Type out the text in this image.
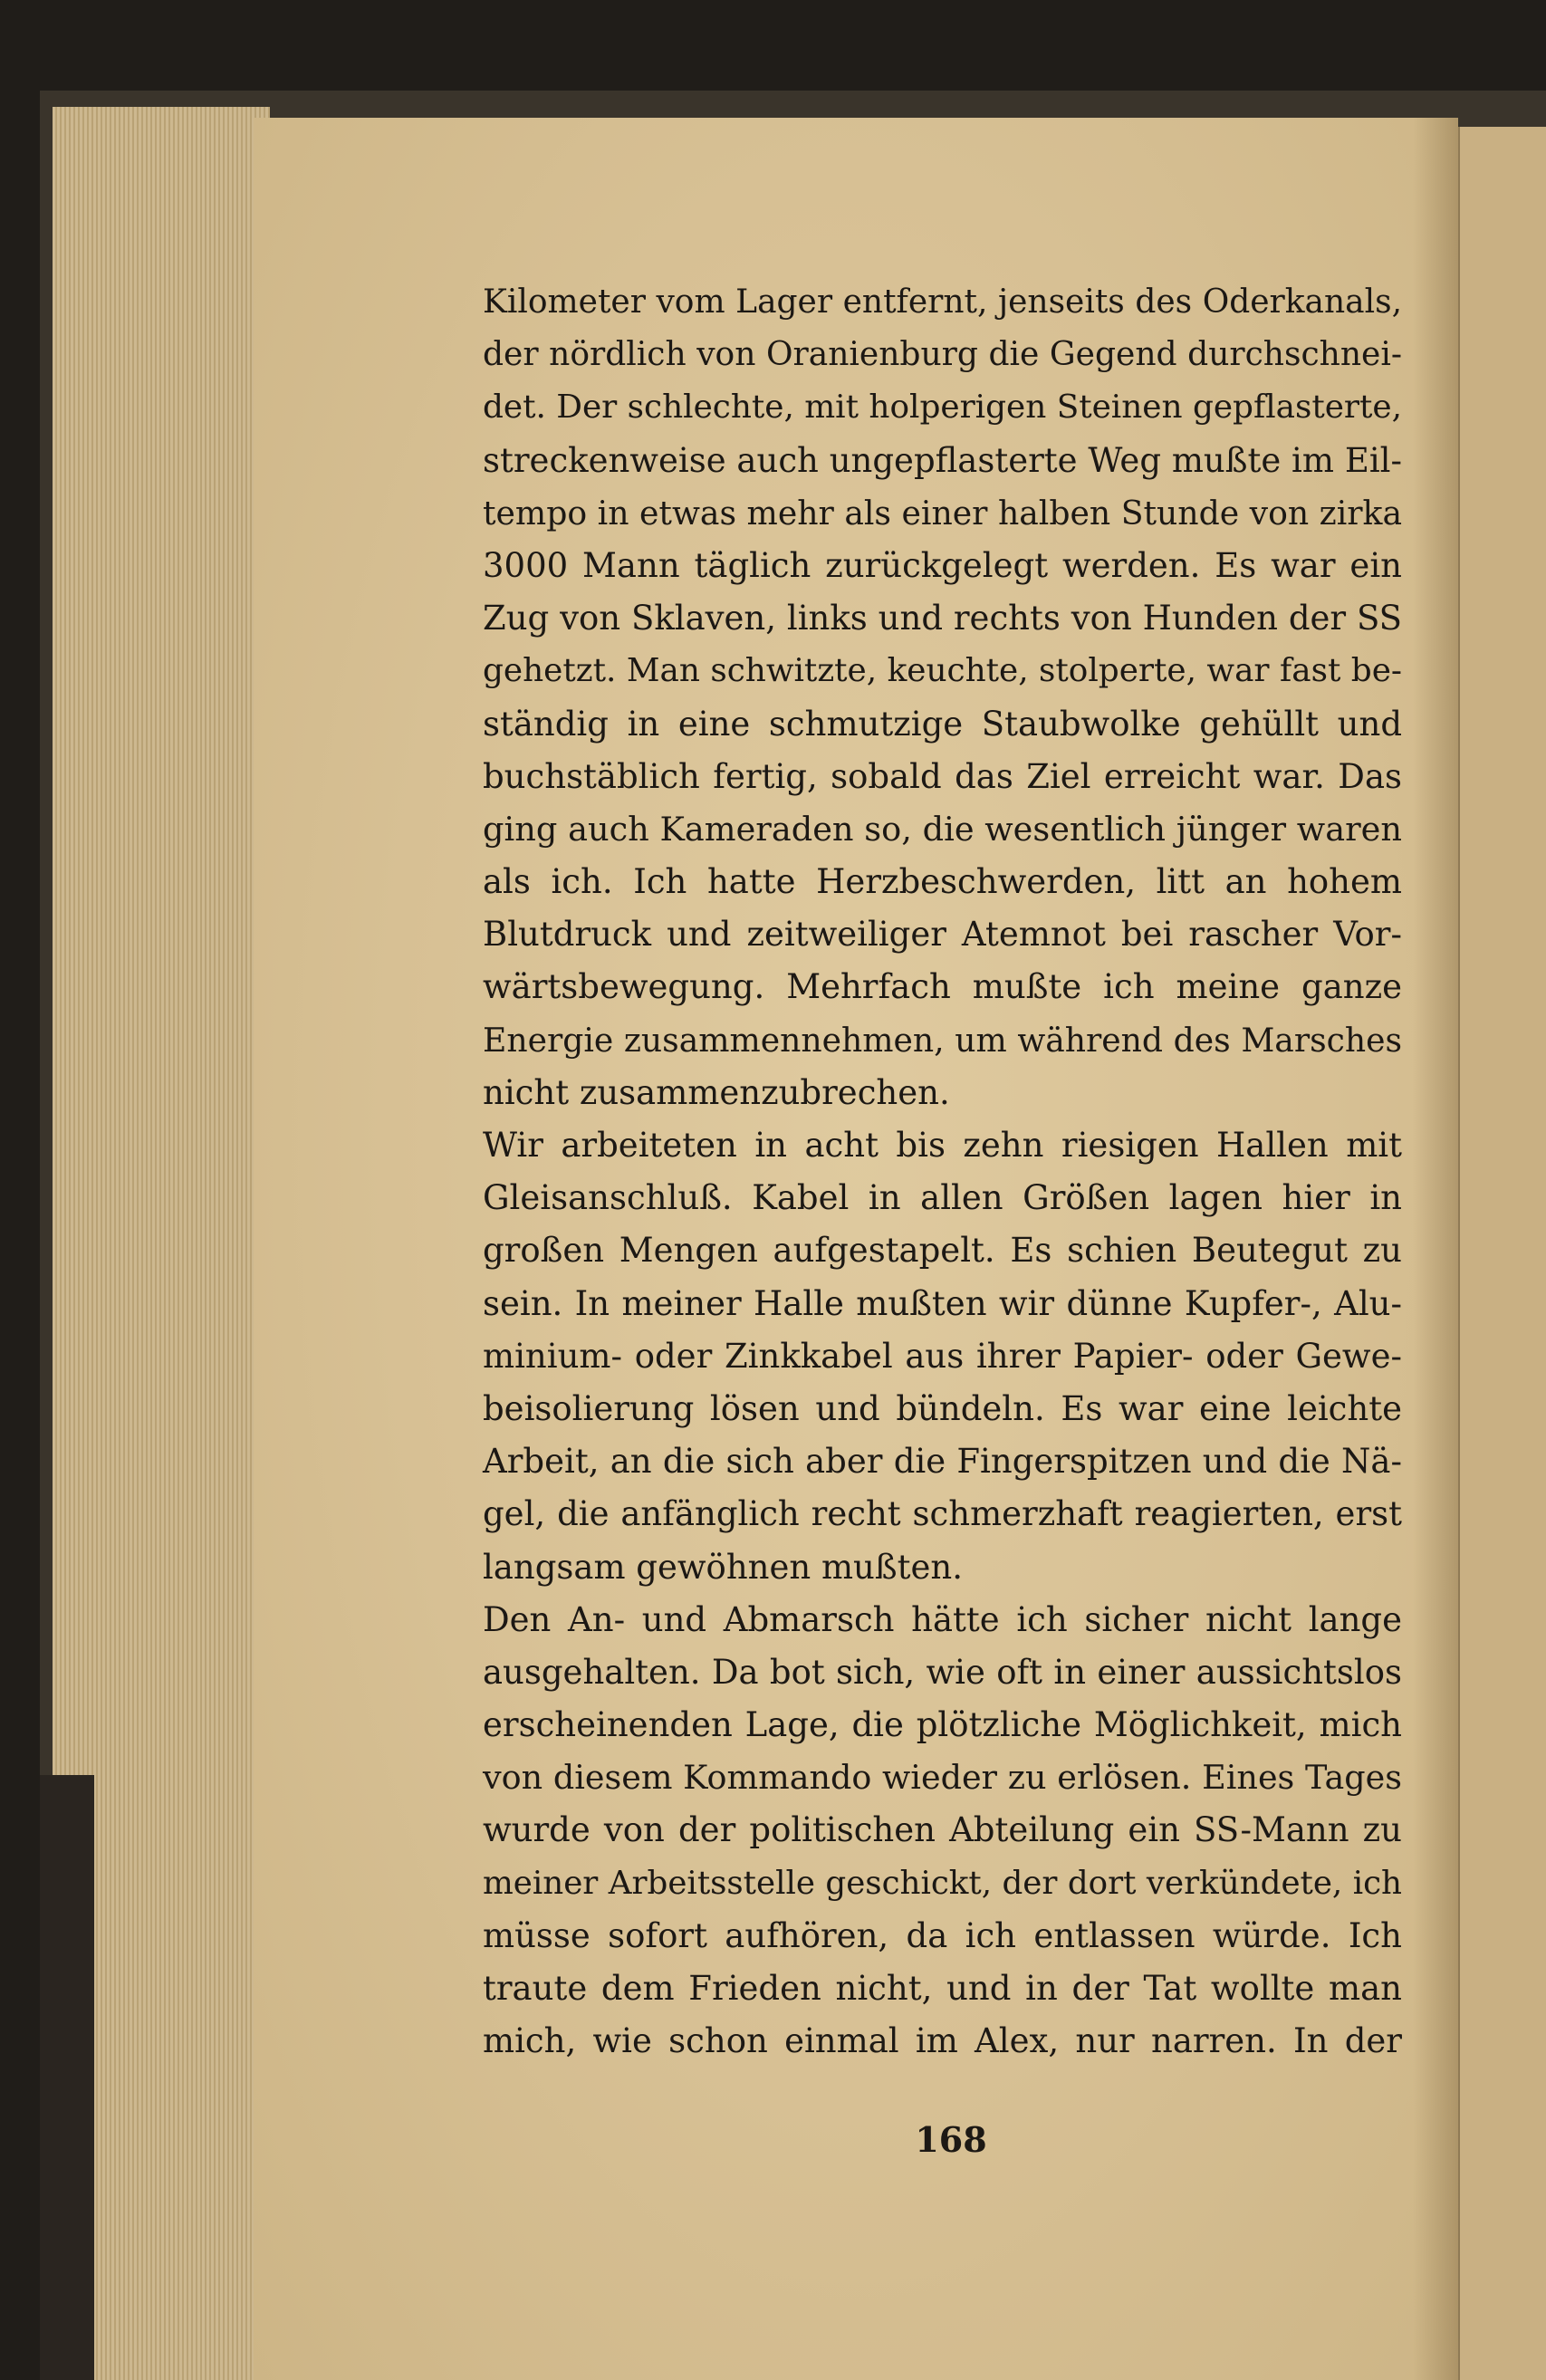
Kilometer vom Lager entfernt, jenseits des Oderkanals,
der nördlich von Oranienburg die Gegend durchschnei-
det. Der schlechte, mit holperigen Steinen gepflasterte,
streckenweise auch ungepflasterte Weg mußte im Eil-
tempo in etwas mehr als einer halben Stunde von zirka
3000 Mann täglich zurückgelegt werden. Es war ein
Zug von Sklaven, links und rechts von Hunden der SS
gehetzt. Man schwitzte, keuchte, stolperte, war fast be-
ständig in eine schmutzige Staubwolke gehüllt und
buchstäblich fertig, sobald das Ziel erreicht war. Das
ging auch Kameraden so, die wesentlich jünger waren
als ich. Ich hatte Herzbeschwerden, litt an hohem
Blutdruck und zeitweiliger Atemnot bei rascher Vor-
wärtsbewegung. Mehrfach mußte ich meine ganze
Energie zusammennehmen, um während des Marsches
nicht zusammenzubrechen.
Wir arbeiteten in acht bis zehn riesigen Hallen mit
Gleisanschluß. Kabel in allen Größen lagen hier in
großen Mengen aufgestapelt. Es schien Beutegut zu
sein. In meiner Halle mußten wir dünne Kupfer-, Alu-
minium- oder Zinkkabel aus ihrer Papier- oder Gewe-
beisolierung lösen und bündeln. Es war eine leichte
Arbeit, an die sich aber die Fingerspitzen und die Nä-
gel, die anfänglich recht schmerzhaft reagierten, erst
langsam gewöhnen mußten.
Den An- und Abmarsch hätte ich sicher nicht lange
ausgehalten. Da bot sich, wie oft in einer aussichtslos
erscheinenden Lage, die plötzliche Möglichkeit, mich
von diesem Kommando wieder zu erlösen. Eines Tages
wurde von der politischen Abteilung ein SS-Mann zu
meiner Arbeitsstelle geschickt, der dort verkündete, ich
müsse sofort aufhören, da ich entlassen würde. Ich
traute dem Frieden nicht, und in der Tat wollte man
mich, wie schon einmal im Alex, nur narren. In der
168
